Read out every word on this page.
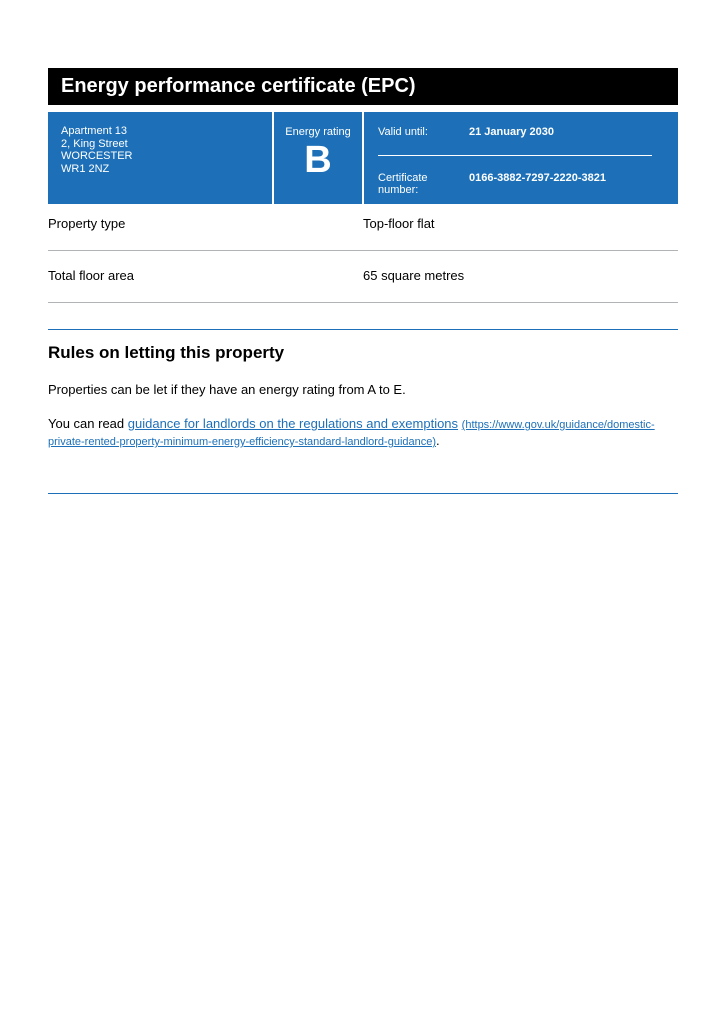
Energy performance certificate (EPC)
Apartment 13
2, King Street
WORCESTER
WR1 2NZ
Energy rating
B
Valid until:	21 January 2030
Certificate number:
0166-3882-7297-2220-3821
Property type	Top-floor flat
Total floor area	65 square metres
Rules on letting this property
Properties can be let if they have an energy rating from A to E.
You can read guidance for landlords on the regulations and exemptions (https://www.gov.uk/guidance/domestic-private-rented-property-minimum-energy-efficiency-standard-landlord-guidance).
